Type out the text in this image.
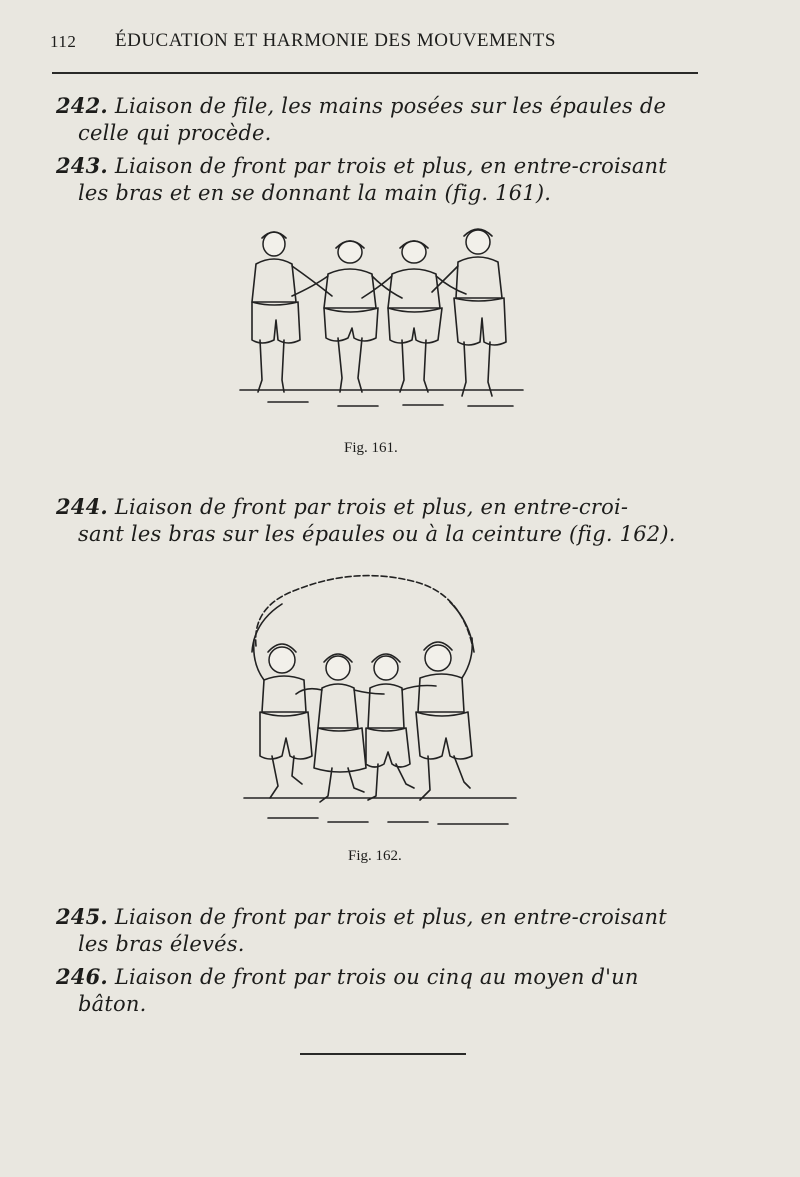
112 ÉDUCATION ET HARMONIE DES MOUVEMENTS
242. Liaison de file, les mains posées sur les épaules de
celle qui procède.
243. Liaison de front par trois et plus, en entre-croisant
les bras et en se donnant la main (fig. 161).
Fig. 161.
244. Liaison de front par trois et plus, en entre-croi-
sant les bras sur les épaules ou à la ceinture (fig. 162).
Fig. 162.
245. Liaison de front par trois et plus, en entre-croisant
les bras élevés.
246. Liaison de front par trois ou cinq au moyen d'un
bâton.
